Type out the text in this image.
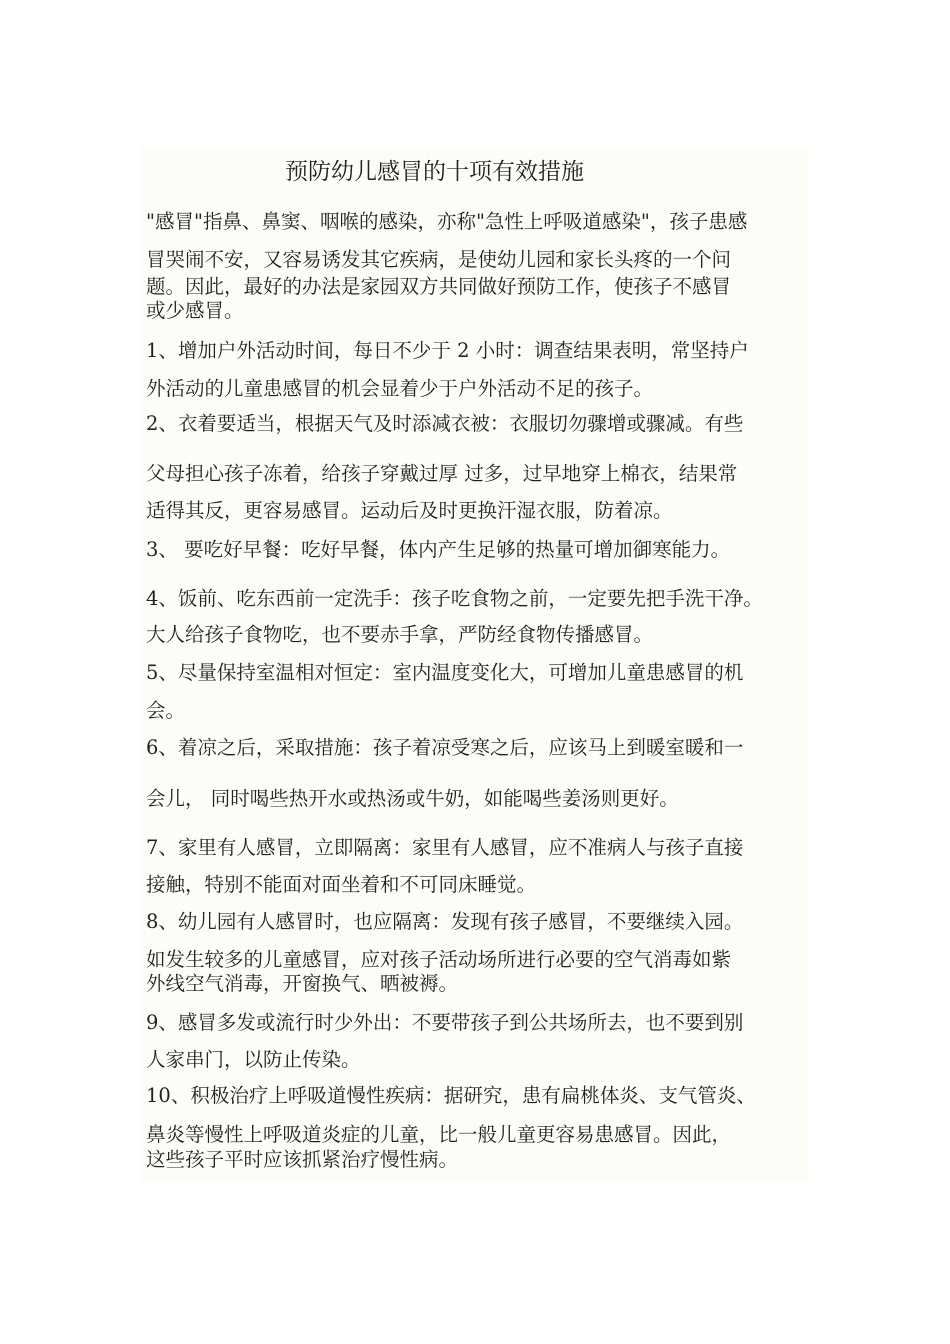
预防幼儿感冒的十项有效措施
"感冒"指鼻、鼻窦、咽喉的感染，亦称"急性上呼吸道感染"，孩子患感
冒哭闹不安，又容易诱发其它疾病，是使幼儿园和家长头疼的一个问
题。因此，最好的办法是家园双方共同做好预防工作，使孩子不感冒
或少感冒。
1、增加户外活动时间，每日不少于 2 小时：调查结果表明，常坚持户
外活动的儿童患感冒的机会显着少于户外活动不足的孩子。
2、衣着要适当，根据天气及时添减衣被：衣服切勿骤增或骤减。有些
父母担心孩子冻着，给孩子穿戴过厚 过多，过早地穿上棉衣，结果常
适得其反，更容易感冒。运动后及时更换汗湿衣服，防着凉。
3、 要吃好早餐：吃好早餐，体内产生足够的热量可增加御寒能力。
4、饭前、吃东西前一定洗手：孩子吃食物之前，一定要先把手洗干净。
大人给孩子食物吃，也不要赤手拿，严防经食物传播感冒。
5、尽量保持室温相对恒定：室内温度变化大，可增加儿童患感冒的机
会。
6、着凉之后，采取措施：孩子着凉受寒之后，应该马上到暖室暖和一
会儿， 同时喝些热开水或热汤或牛奶，如能喝些姜汤则更好。
7、家里有人感冒，立即隔离：家里有人感冒，应不准病人与孩子直接
接触，特别不能面对面坐着和不可同床睡觉。
8、幼儿园有人感冒时，也应隔离：发现有孩子感冒，不要继续入园。
如发生较多的儿童感冒，应对孩子活动场所进行必要的空气消毒如紫
外线空气消毒，开窗换气、晒被褥。
9、感冒多发或流行时少外出：不要带孩子到公共场所去，也不要到别
人家串门，以防止传染。
10、积极治疗上呼吸道慢性疾病：据研究，患有扁桃体炎、支气管炎、
鼻炎等慢性上呼吸道炎症的儿童，比一般儿童更容易患感冒。因此，
这些孩子平时应该抓紧治疗慢性病。
